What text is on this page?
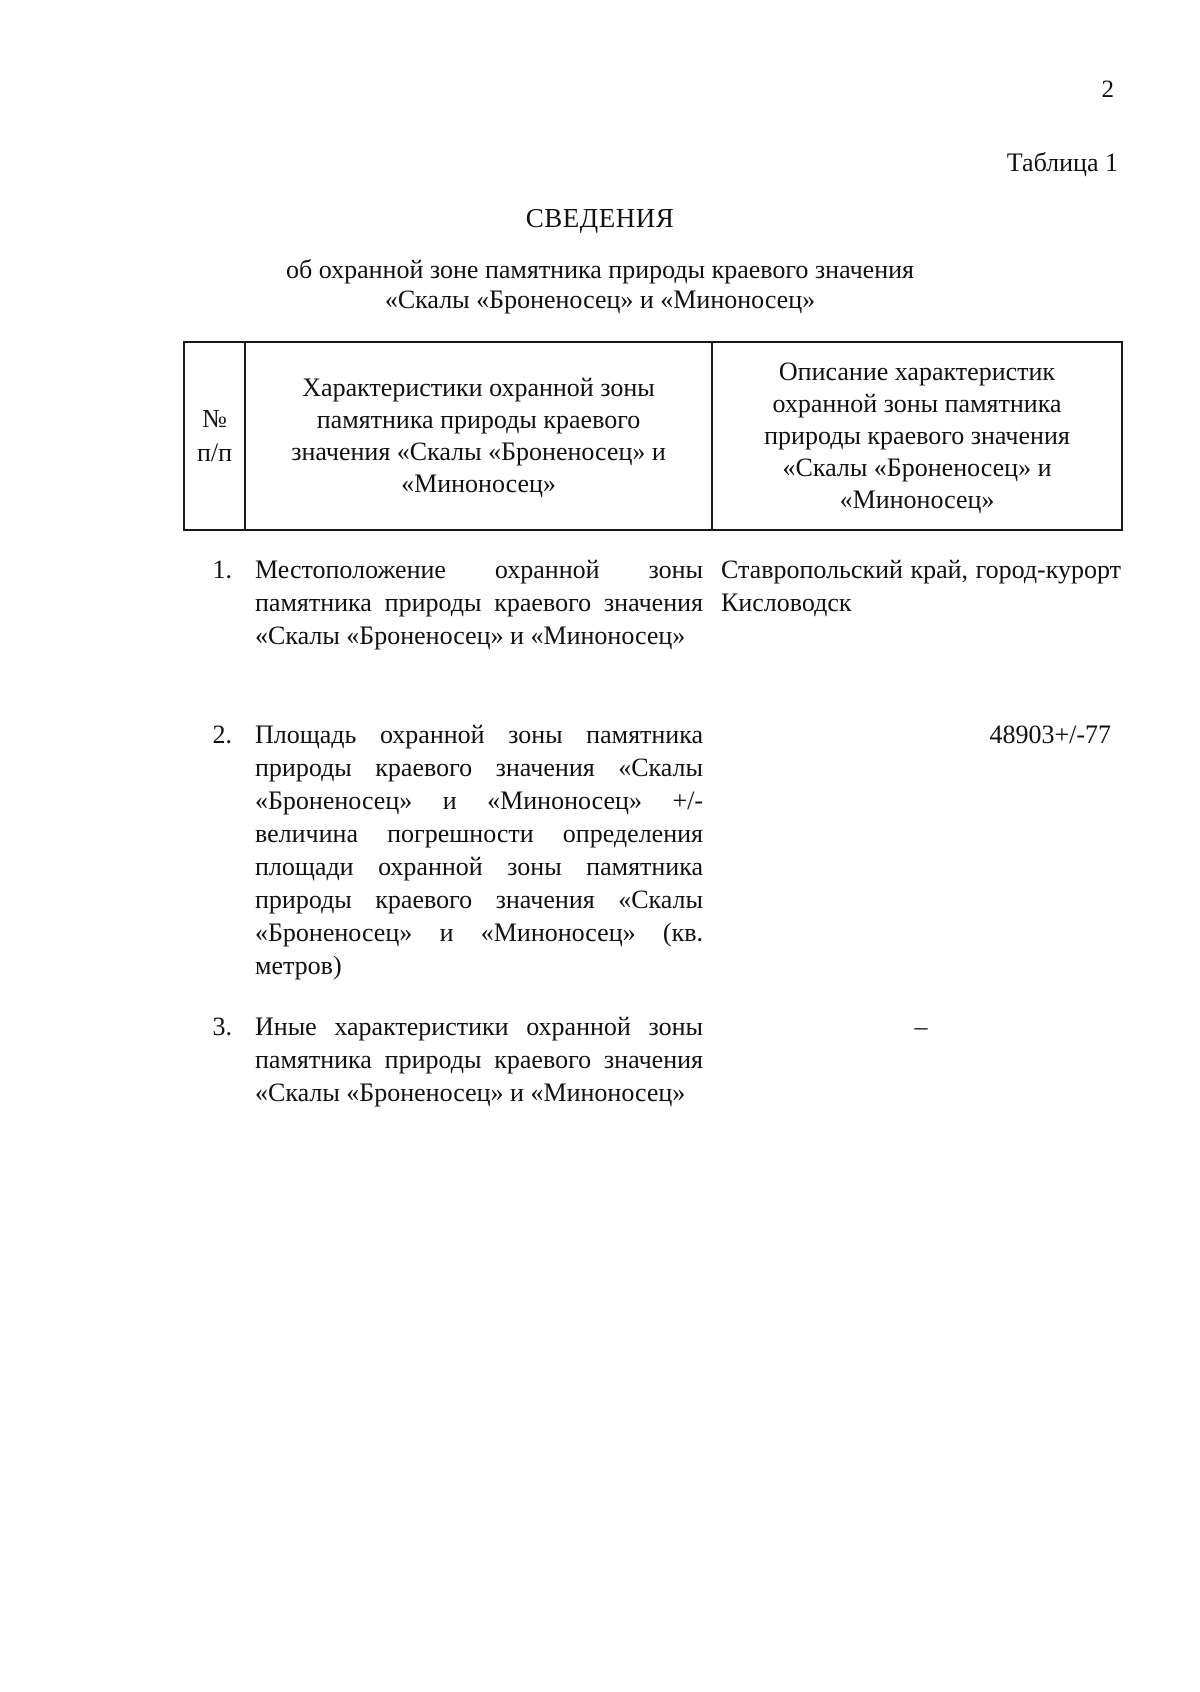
2
Таблица 1
СВЕДЕНИЯ
об охранной зоне памятника природы краевого значения
«Скалы «Броненосец» и «Миноносец»
№
п/п
Характеристики охранной зоны памятника природы краевого значения «Скалы «Броненосец» и «Миноносец»
Описание характеристик охранной зоны памятника природы краевого значения «Скалы «Броненосец» и «Миноносец»
1. Местоположение охранной зоны памятника природы краевого значения «Скалы «Броненосец» и «Миноносец»
Ставропольский край, город-курорт Кисловодск
2. Площадь охранной зоны памятника природы краевого значения «Скалы «Броненосец» и «Миноносец» +/- величина погрешности определения площади охранной зоны памятника природы краевого значения «Скалы «Броненосец» и «Миноносец» (кв. метров)
48903+/-77
3. Иные характеристики охранной зоны памятника природы краевого значения «Скалы «Броненосец» и «Миноносец»
–
